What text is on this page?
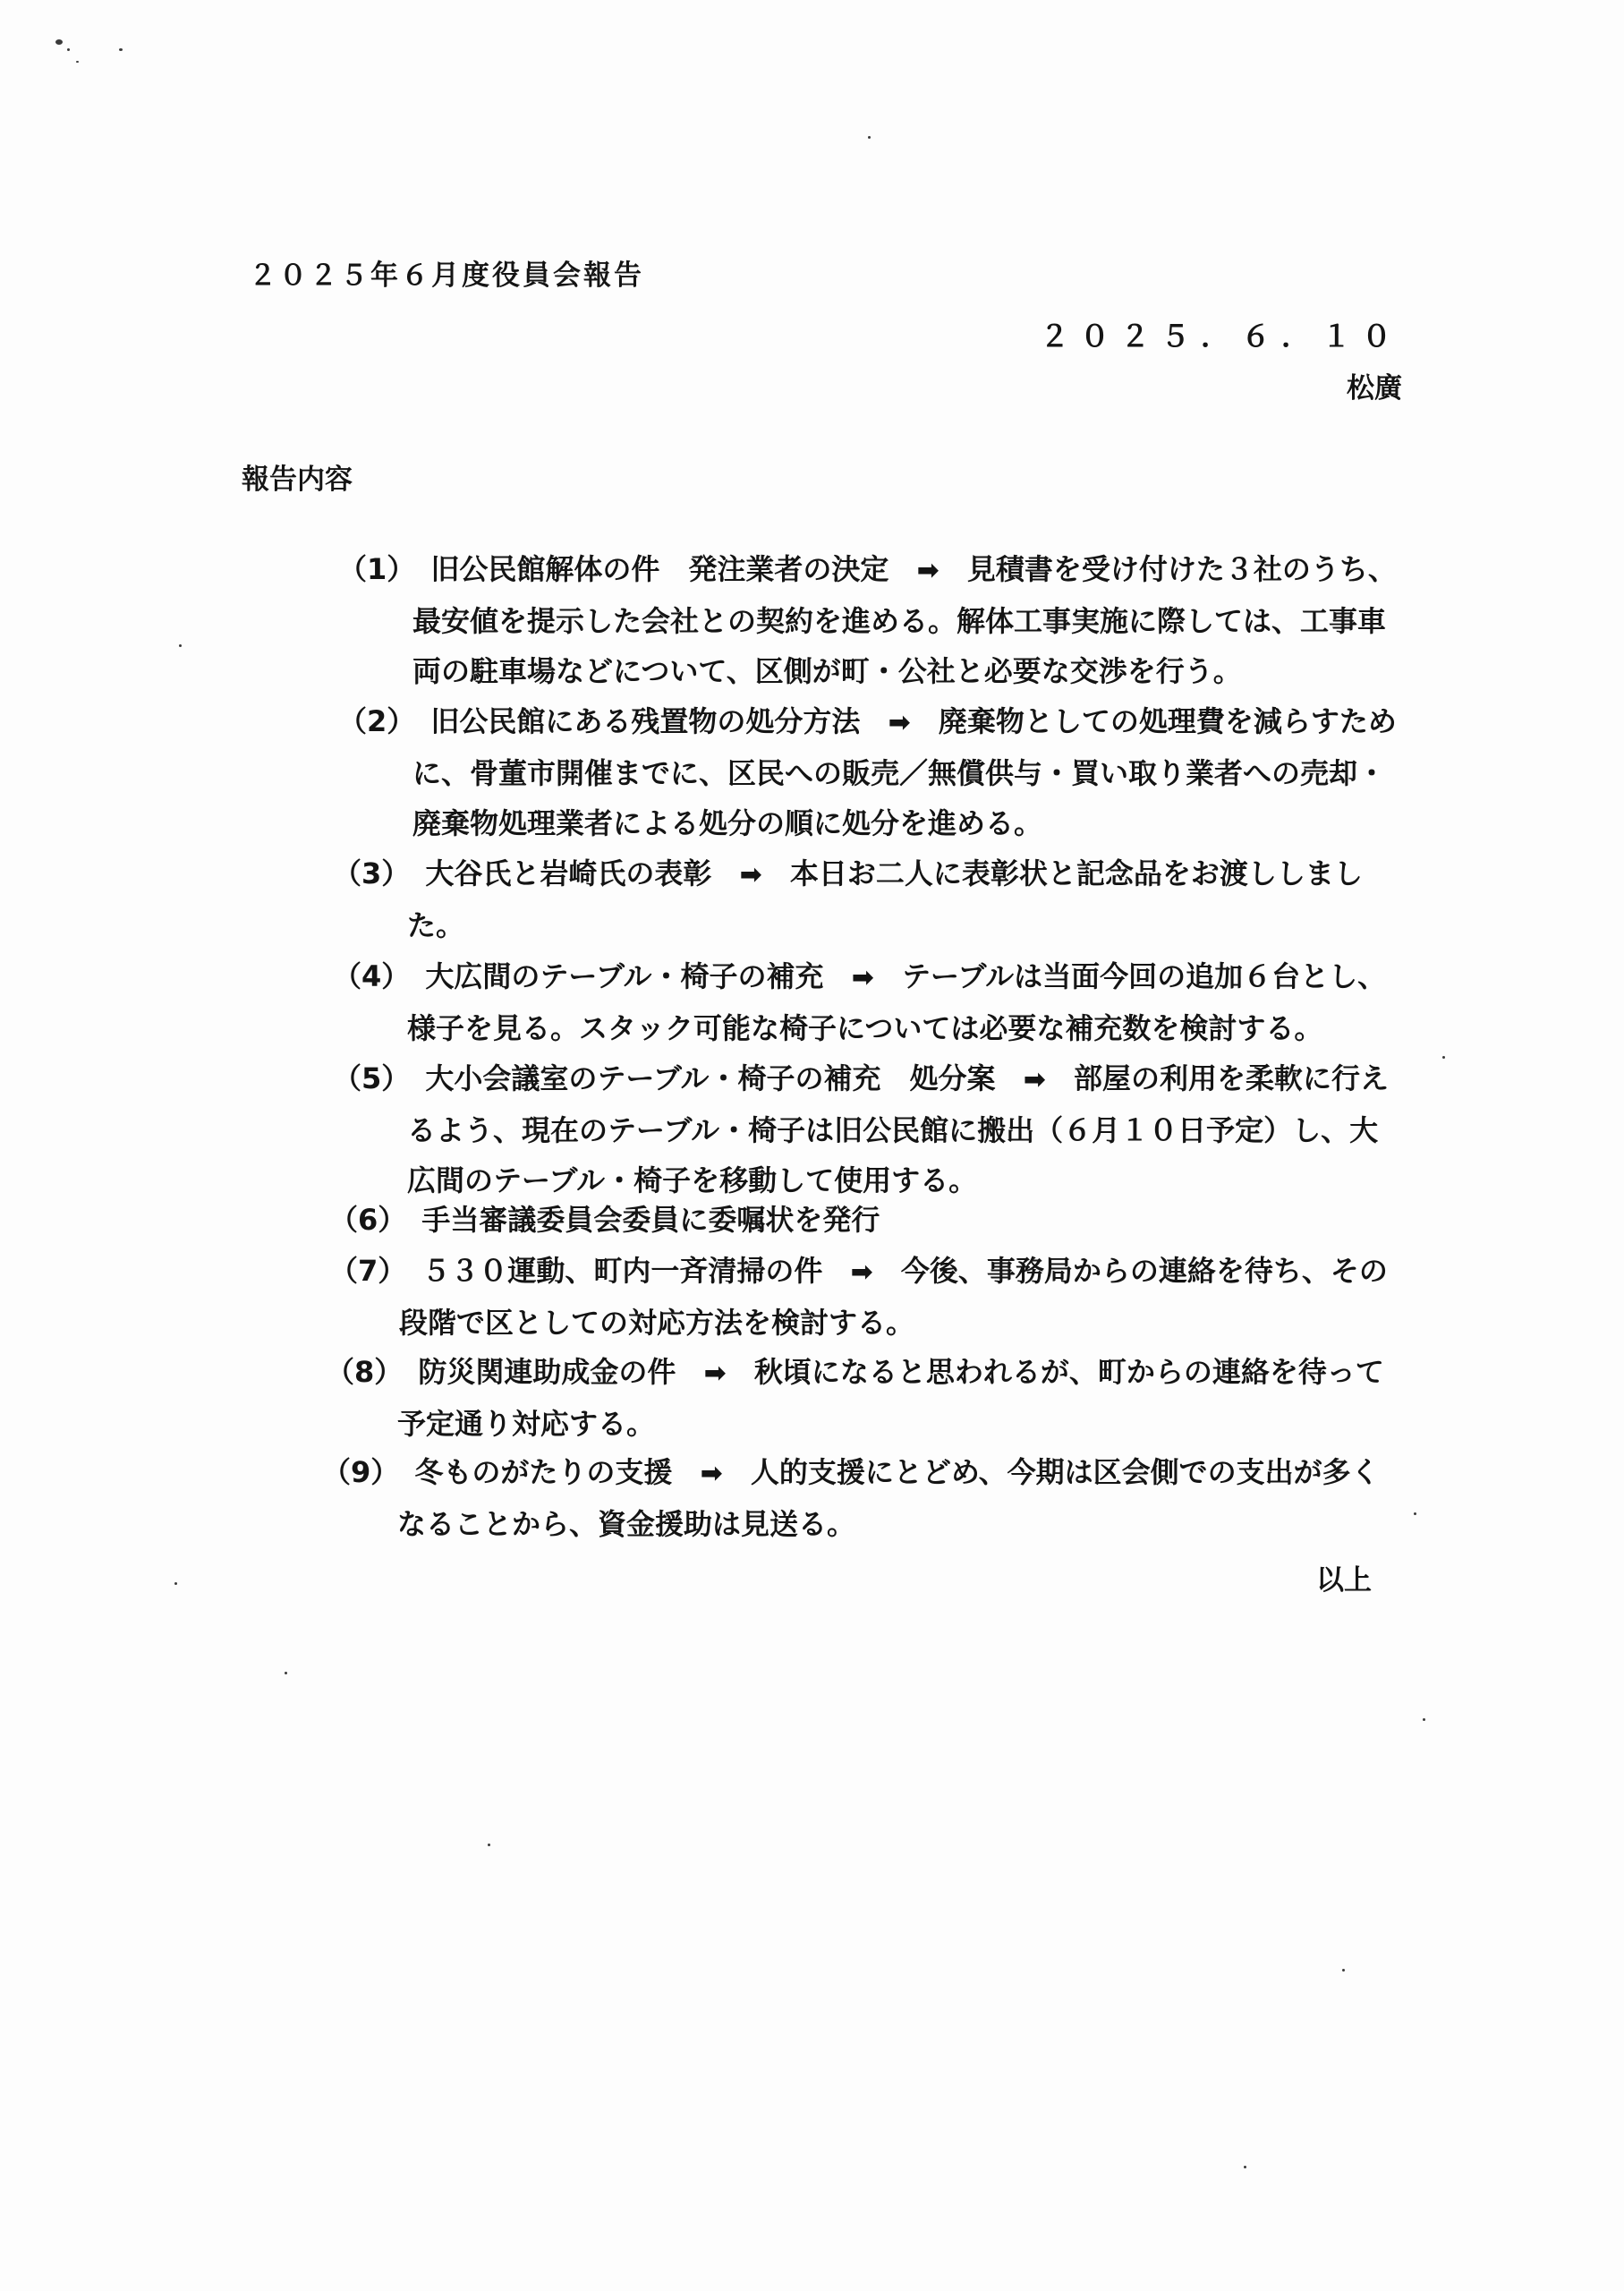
２０２５年６月度役員会報告
２０２５．６．１０
松廣
報告内容
（1） 旧公民館解体の件　発注業者の決定 ➡ 見積書を受け付けた３社のうち、
最安値を提示した会社との契約を進める。解体工事実施に際しては、工事車
両の駐車場などについて、区側が町・公社と必要な交渉を行う。
（2） 旧公民館にある残置物の処分方法 ➡ 廃棄物としての処理費を減らすため
に、骨董市開催までに、区民への販売／無償供与・買い取り業者への売却・
廃棄物処理業者による処分の順に処分を進める。
（3） 大谷氏と岩崎氏の表彰 ➡ 本日お二人に表彰状と記念品をお渡ししまし
た。
（4） 大広間のテーブル・椅子の補充 ➡ テーブルは当面今回の追加６台とし、
様子を見る。スタック可能な椅子については必要な補充数を検討する。
（5） 大小会議室のテーブル・椅子の補充　処分案 ➡ 部屋の利用を柔軟に行え
るよう、現在のテーブル・椅子は旧公民館に搬出（６月１０日予定）し、大
広間のテーブル・椅子を移動して使用する。
（6） 手当審議委員会委員に委嘱状を発行
（7） ５３０運動、町内一斉清掃の件 ➡ 今後、事務局からの連絡を待ち、その
段階で区としての対応方法を検討する。
（8） 防災関連助成金の件 ➡ 秋頃になると思われるが、町からの連絡を待って
予定通り対応する。
（9） 冬ものがたりの支援 ➡ 人的支援にとどめ、今期は区会側での支出が多く
なることから、資金援助は見送る。
以上
